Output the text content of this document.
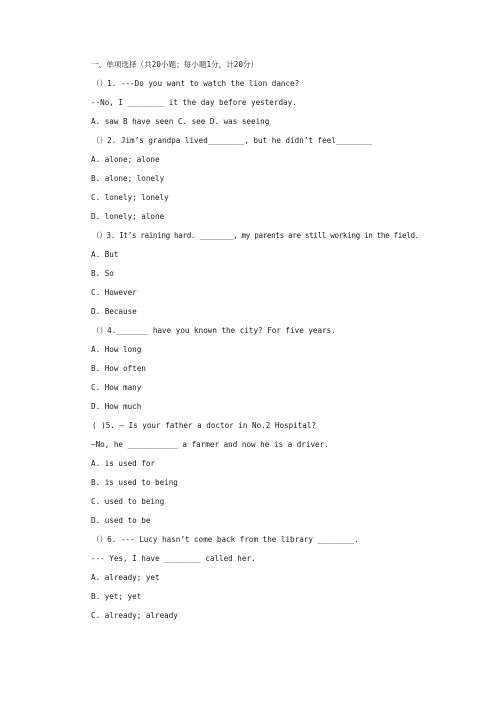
一、单项选择（共20小题；每小题1分，计20分）
（）1. ---Do you want to watch the lion dance?
--No, I ________ it the day before yesterday.
A. saw B have seen C. see D. was seeing
（）2. Jim’s grandpa lived________, but he didn’t feel________
A. alone; alone
B. alone; lonely
C. lonely; lonely
D. lonely; alone
（）3. It’s raining hard. ________, my parents are still working in the field.
A. But
B. So
C. However
D. Because
（）4._______ have you known the city? For five years.
A. How long
B. How often
C. How many
D. How much
( )5. — Is your father a doctor in No.2 Hospital?
—No, he ___________ a farmer and now he is a driver.
A. is used for
B. is used to being
C. used to being
D. used to be
（）6. --- Lucy hasn’t come back from the library ________.
--- Yes, I have ________ called her.
A. already; yet
B. yet; yet
C. already; already
